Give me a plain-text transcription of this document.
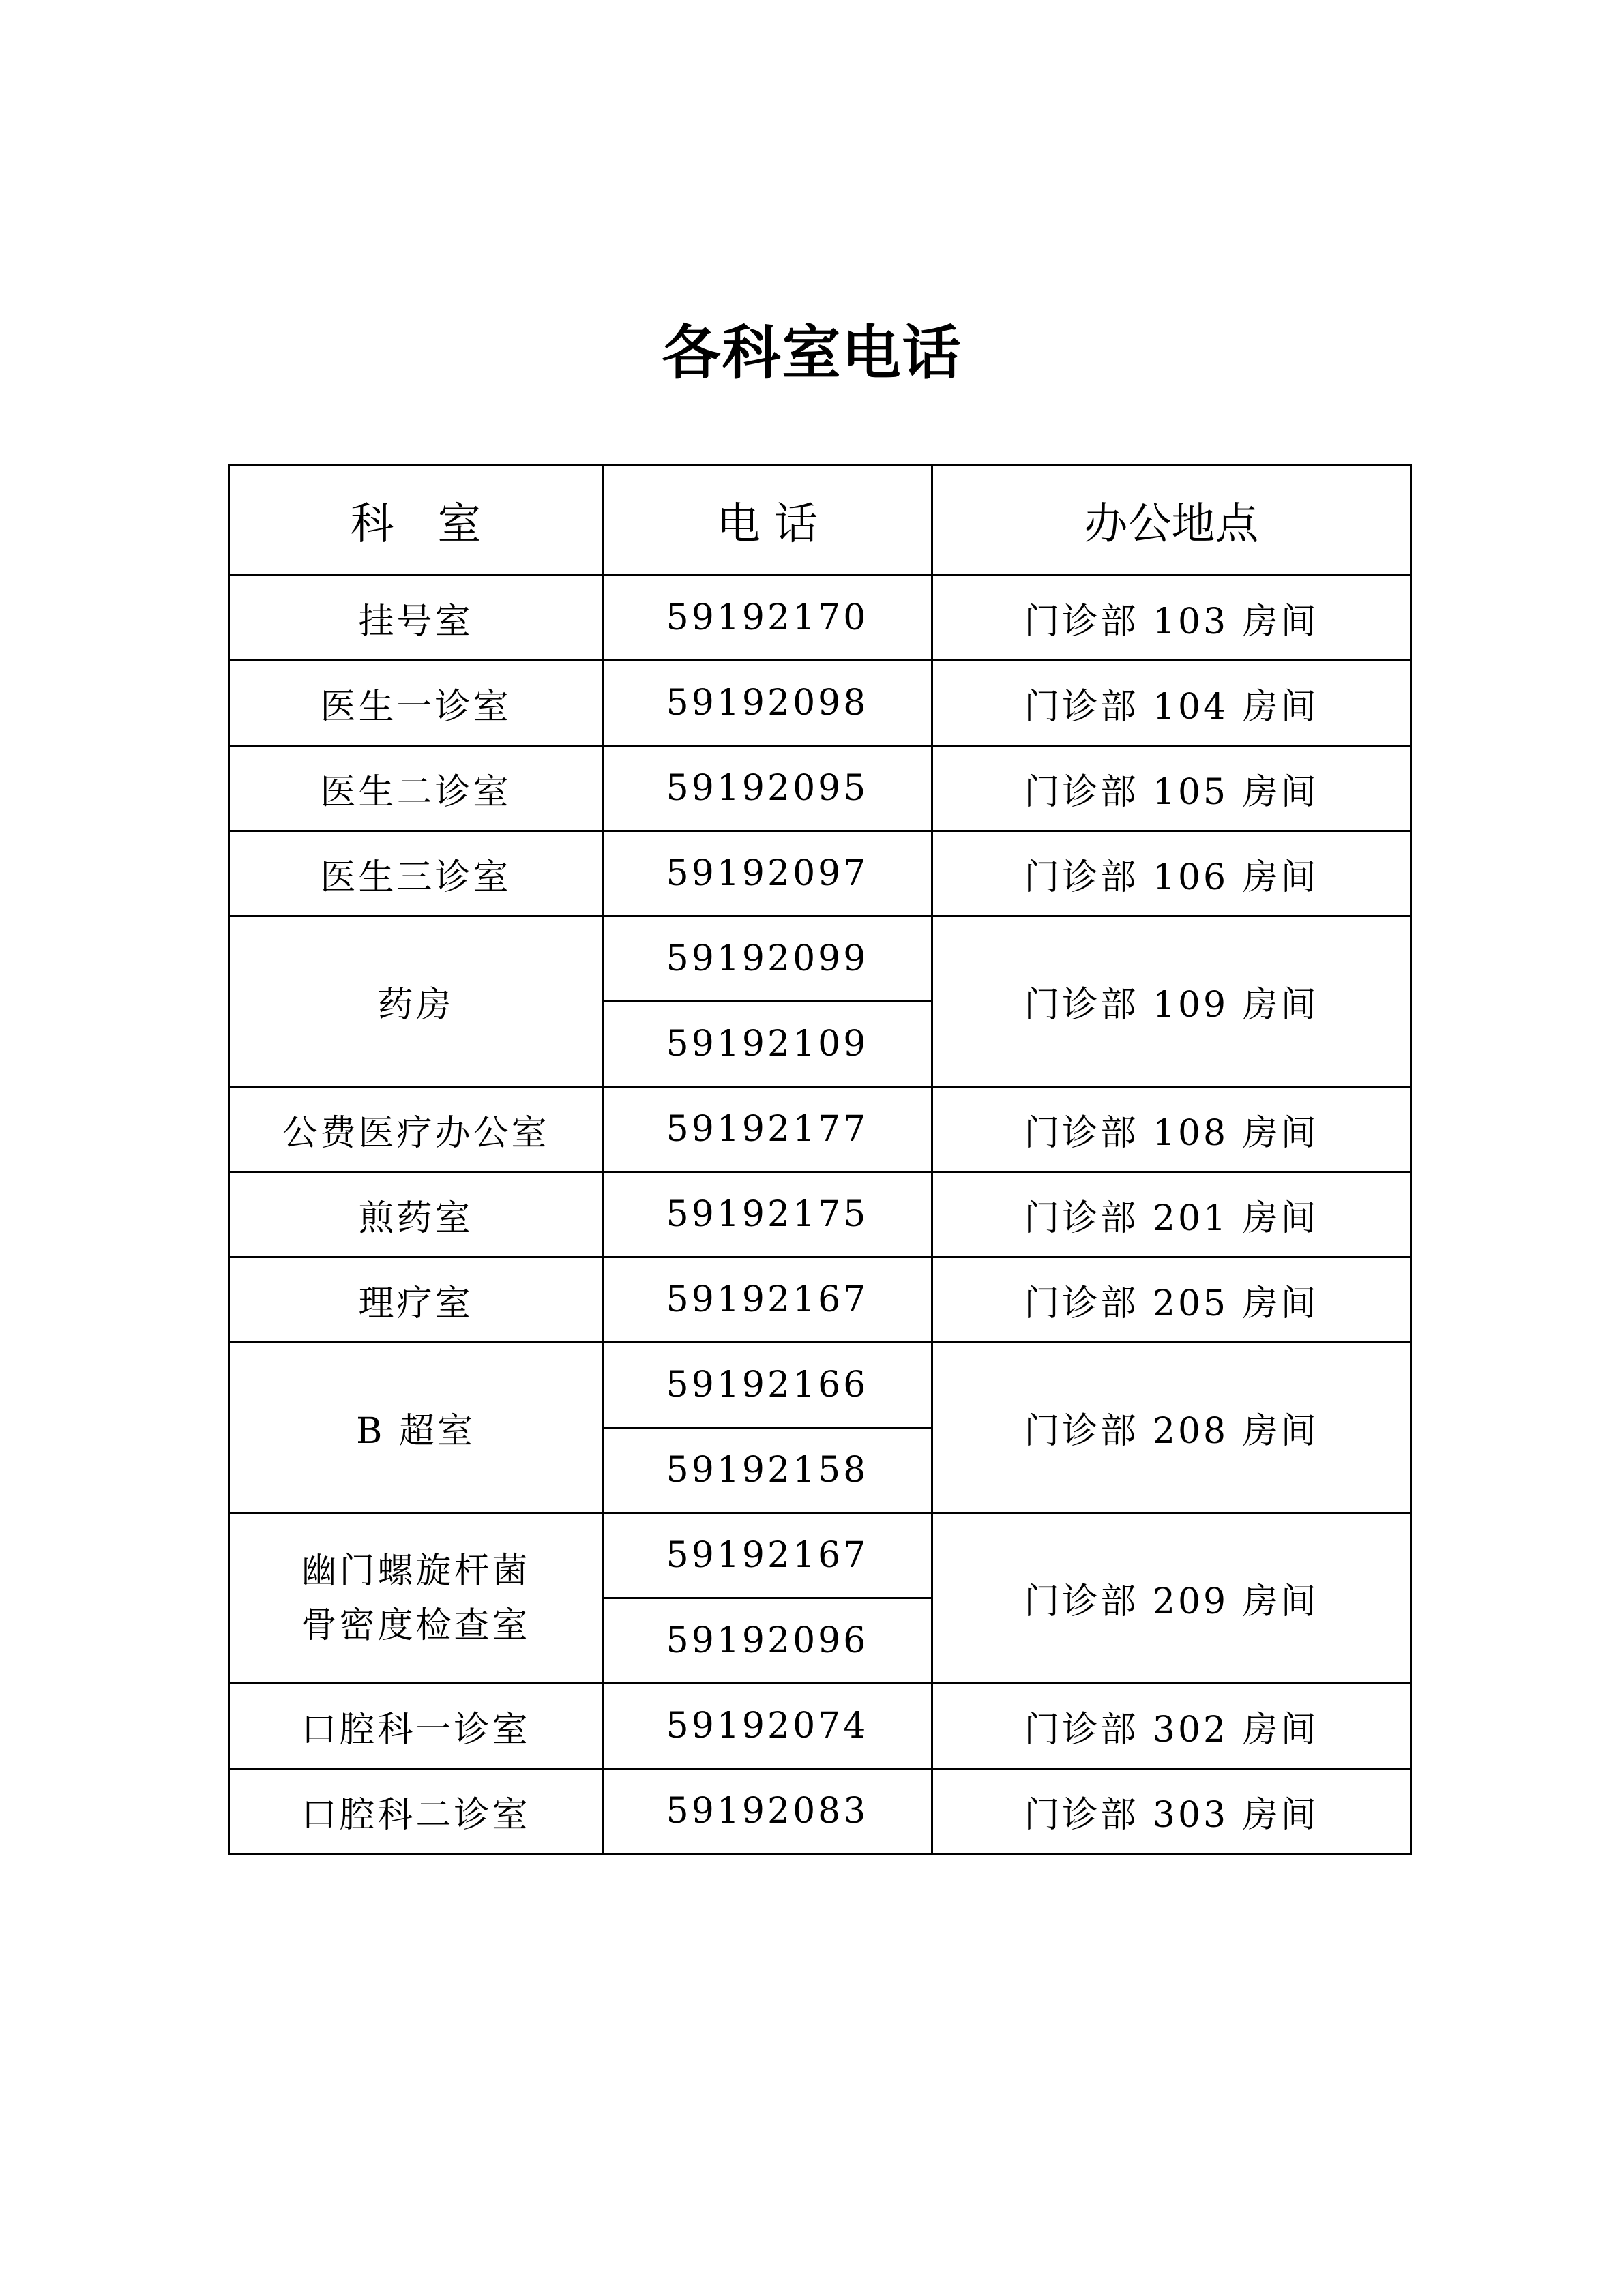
各科室电话
科　室	电 话	办公地点
挂号室	59192170	门诊部 103 房间
医生一诊室	59192098	门诊部 104 房间
医生二诊室	59192095	门诊部 105 房间
医生三诊室	59192097	门诊部 106 房间
药房	59192099	门诊部 109 房间
	59192109	
公费医疗办公室	59192177	门诊部 108 房间
煎药室	59192175	门诊部 201 房间
理疗室	59192167	门诊部 205 房间
B 超室	59192166	门诊部 208 房间
	59192158	

幽门螺旋杆菌
骨密度检查室	59192167	门诊部 209 房间
	59192096	
口腔科一诊室	59192074	门诊部 302 房间
口腔科二诊室	59192083	门诊部 303 房间
